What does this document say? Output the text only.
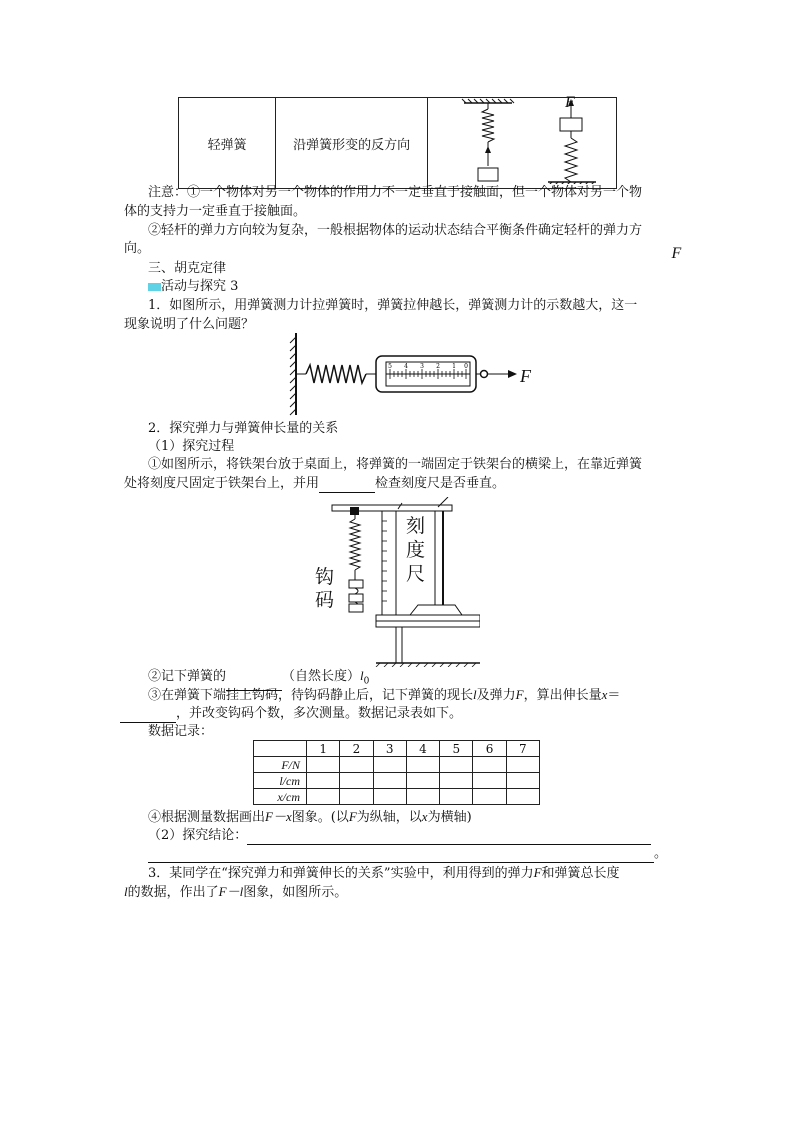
轻弹簧	沿弹簧形变的反方向	
F
F
注意：①一个物体对另一个物体的作用力不一定垂直于接触面，但一个物体对另一个物
体的支持力一定垂直于接触面。
②轻杆的弹力方向较为复杂，一般根据物体的运动状态结合平衡条件确定轻杆的弹力方
向。
三、胡克定律
活动与探究 3
1．如图所示，用弹簧测力计拉弹簧时，弹簧拉伸越长，弹簧测力计的示数越大，这一
现象说明了什么问题？
5 4 3 2 1 0	F
2．探究弹力与弹簧伸长量的关系
（1）探究过程
①如图所示，将铁架台放于桌面上，将弹簧的一端固定于铁架台的横梁上，在靠近弹簧
处将刻度尺固定于铁架台上，并用	检查刻度尺是否垂直。
刻
度
尺
钩
码
②记下弹簧的	（自然长度）$l_0$
③在弹簧下端挂上钩码，待钩码静止后，记下弹簧的现长l及弹力F，算出伸长量x＝
，并改变钩码个数，多次测量。数据记录表如下。
数据记录：
	1	2	3	4	5	6	7
F/N							
l/cm							
x/cm							
④根据测量数据画出F－x图象。(以F为纵轴，以x为横轴)
（2）探究结论：
。
3．某同学在“探究弹力和弹簧伸长的关系”实验中，利用得到的弹力F和弹簧总长度
l的数据，作出了F－l图象，如图所示。
